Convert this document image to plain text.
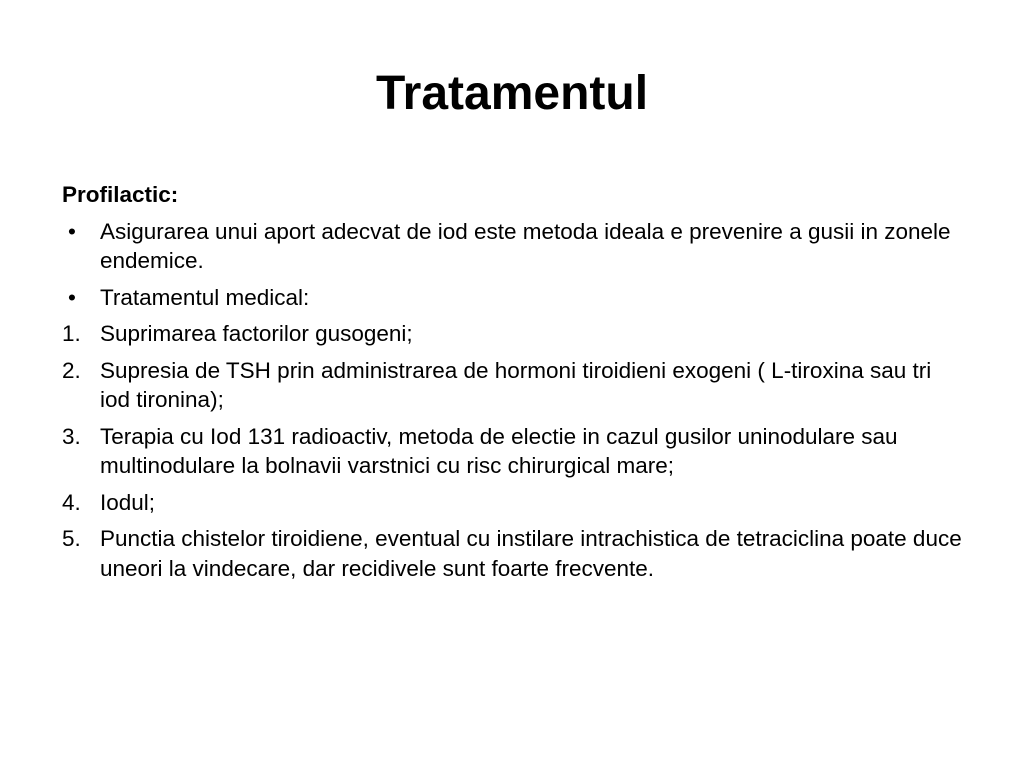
Tratamentul
Profilactic:
•	Asigurarea unui aport adecvat de iod este metoda ideala e prevenire a gusii in zonele endemice.
•	Tratamentul medical:
1. Suprimarea factorilor gusogeni;
2. Supresia de TSH prin administrarea de hormoni tiroidieni exogeni ( L-tiroxina sau tri iod tironina);
3. Terapia cu Iod 131 radioactiv, metoda de electie in cazul gusilor uninodulare sau multinodulare la bolnavii varstnici cu risc chirurgical mare;
4. Iodul;
5. Punctia chistelor tiroidiene, eventual cu instilare intrachistica de tetraciclina poate duce uneori la vindecare, dar recidivele sunt foarte frecvente.
